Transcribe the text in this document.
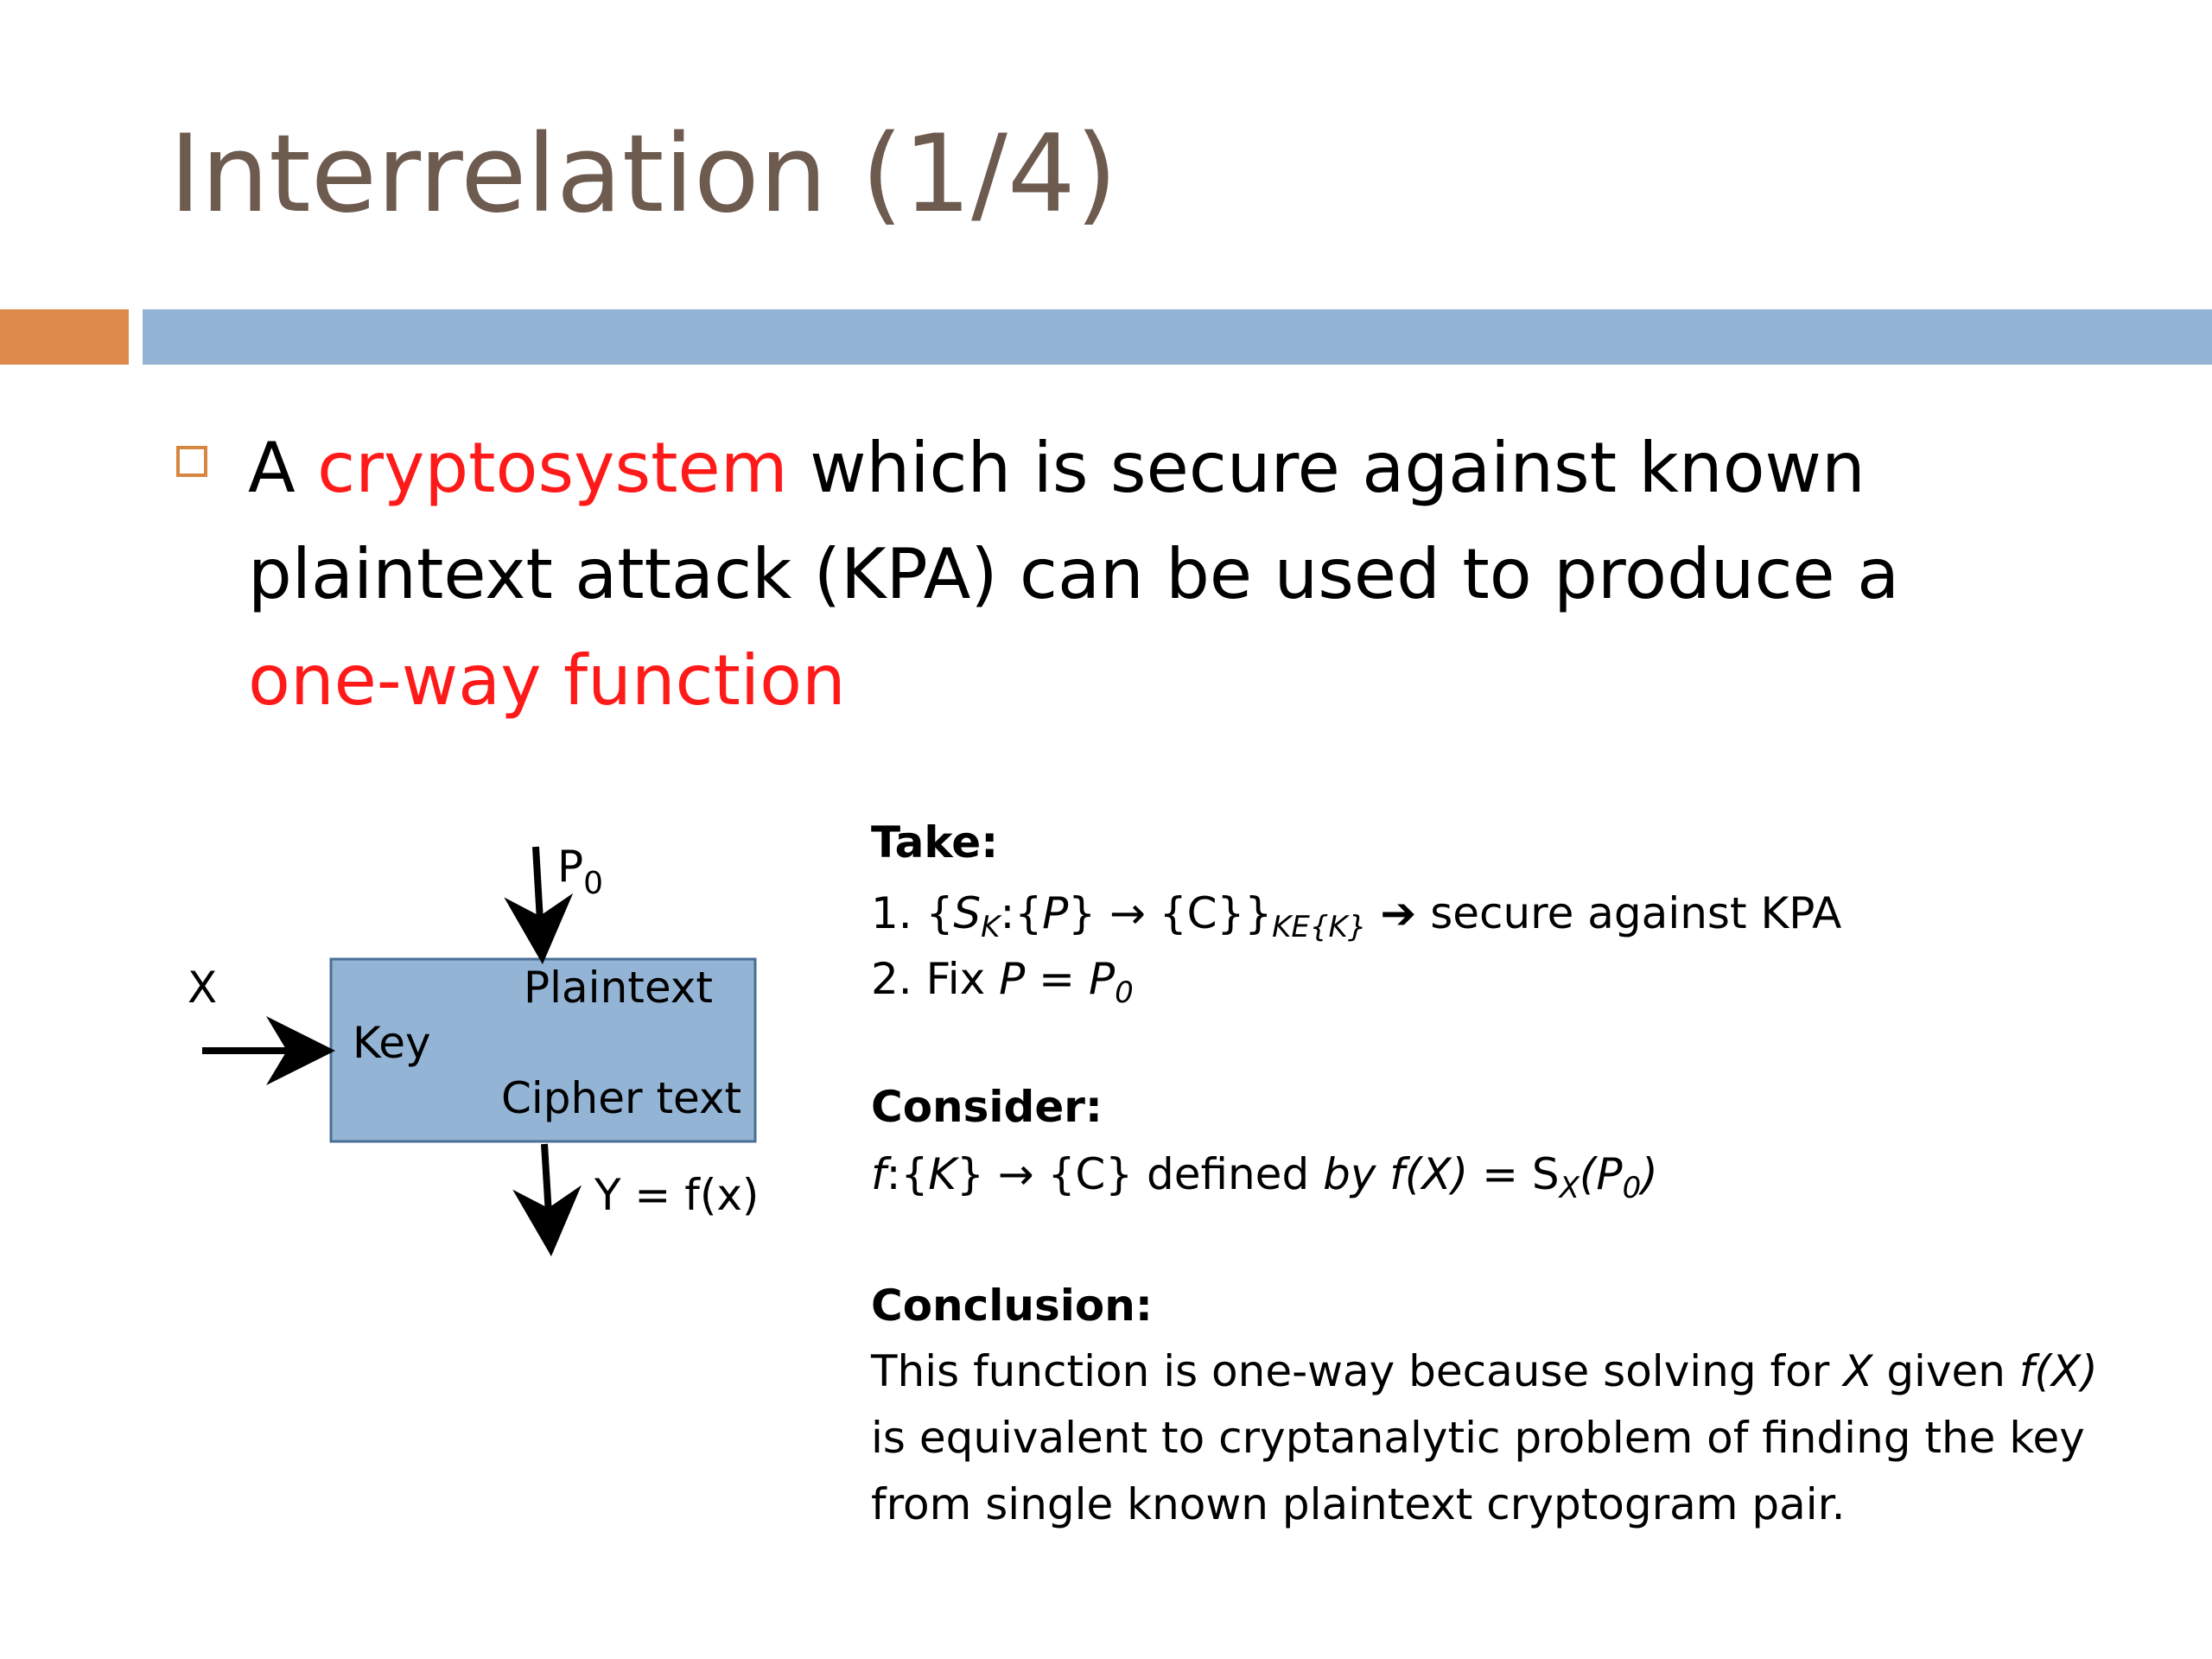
Interrelation (1/4)
A cryptosystem which is secure against known plaintext attack (KPA) can be used to produce a one-way function
$P_0$
X	Plaintext
Key
Cipher text
Y = f(x)
Take:
1. $\{S_K:\{P\} \to \{C\}\}_{KE\{K\}}$ ➔ secure against KPA
2. Fix $P = P_0$
Consider:
f:{K} → {C} defined by $f(X) = S_X(P_0)$
Conclusion:
This function is one-way because solving for X given f(X)
is equivalent to cryptanalytic problem of finding the key
from single known plaintext cryptogram pair.
